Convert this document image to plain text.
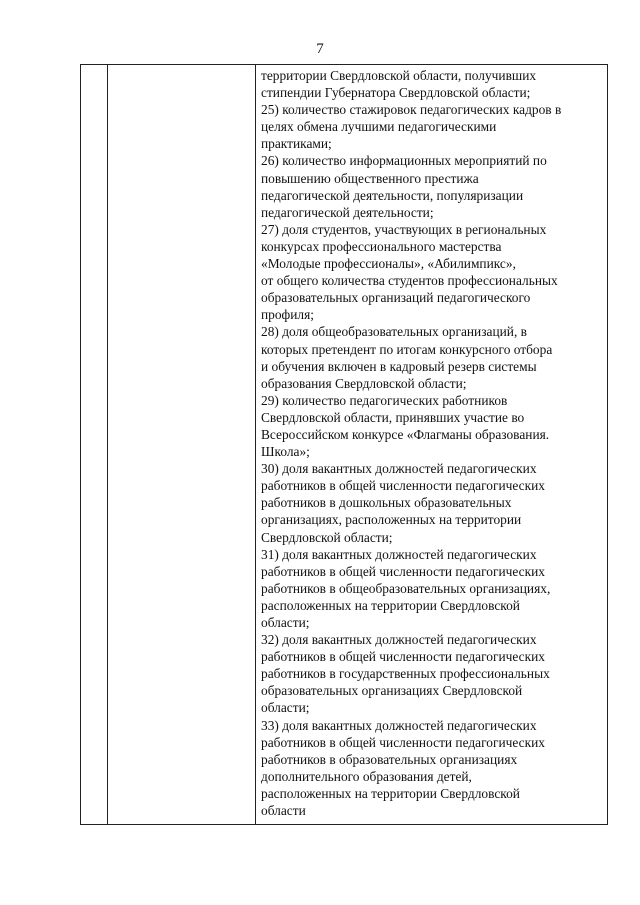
7

территории Свердловской области, получивших
стипендии Губернатора Свердловской области;
25) количество стажировок педагогических кадров в
целях обмена лучшими педагогическими
практиками;
26) количество информационных мероприятий по
повышению общественного престижа
педагогической деятельности, популяризации
педагогической деятельности;
27) доля студентов, участвующих в региональных
конкурсах профессионального мастерства
«Молодые профессионалы», «Абилимпикс»,
от общего количества студентов профессиональных
образовательных организаций педагогического
профиля;
28) доля общеобразовательных организаций, в
которых претендент по итогам конкурсного отбора
и обучения включен в кадровый резерв системы
образования Свердловской области;
29) количество педагогических работников
Свердловской области, принявших участие во
Всероссийском конкурсе «Флагманы образования.
Школа»;
30) доля вакантных должностей педагогических
работников в общей численности педагогических
работников в дошкольных образовательных
организациях, расположенных на территории
Свердловской области;
31) доля вакантных должностей педагогических
работников в общей численности педагогических
работников в общеобразовательных организациях,
расположенных на территории Свердловской
области;
32) доля вакантных должностей педагогических
работников в общей численности педагогических
работников в государственных профессиональных
образовательных организациях Свердловской
области;
33) доля вакантных должностей педагогических
работников в общей численности педагогических
работников в образовательных организациях
дополнительного образования детей,
расположенных на территории Свердловской
области
